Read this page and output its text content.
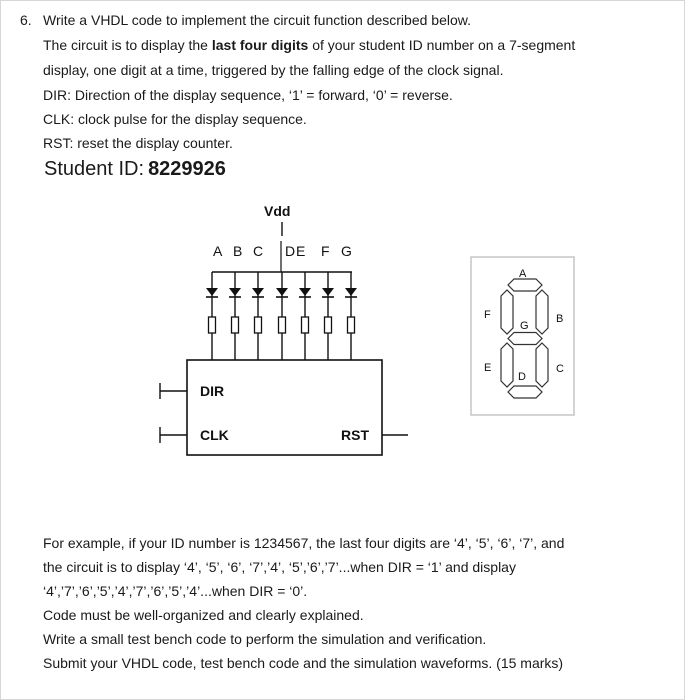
6. Write a VHDL code to implement the circuit function described below.
The circuit is to display the last four digits of your student ID number on a 7-segment
display, one digit at a time, triggered by the falling edge of the clock signal.
DIR: Direction of the display sequence, ‘1’ = forward, ‘0’ = reverse.
CLK: clock pulse for the display sequence.
RST: reset the display counter.
Student ID: 8229926
Vdd
A B C D E F G
DIR
CLK	RST
A
B
C
D
E
F
G
For example, if your ID number is 1234567, the last four digits are ‘4’, ‘5’, ‘6’, ‘7’, and
the circuit is to display ‘4’, ‘5’, ‘6’, ‘7’,’4’, ‘5’,’6’,’7’...when DIR = ‘1’ and display
‘4’,’7’,’6’,’5’,’4’,’7’,’6’,’5’,’4’...when DIR = ‘0’.
Code must be well-organized and clearly explained.
Write a small test bench code to perform the simulation and verification.
Submit your VHDL code, test bench code and the simulation waveforms. (15 marks)
